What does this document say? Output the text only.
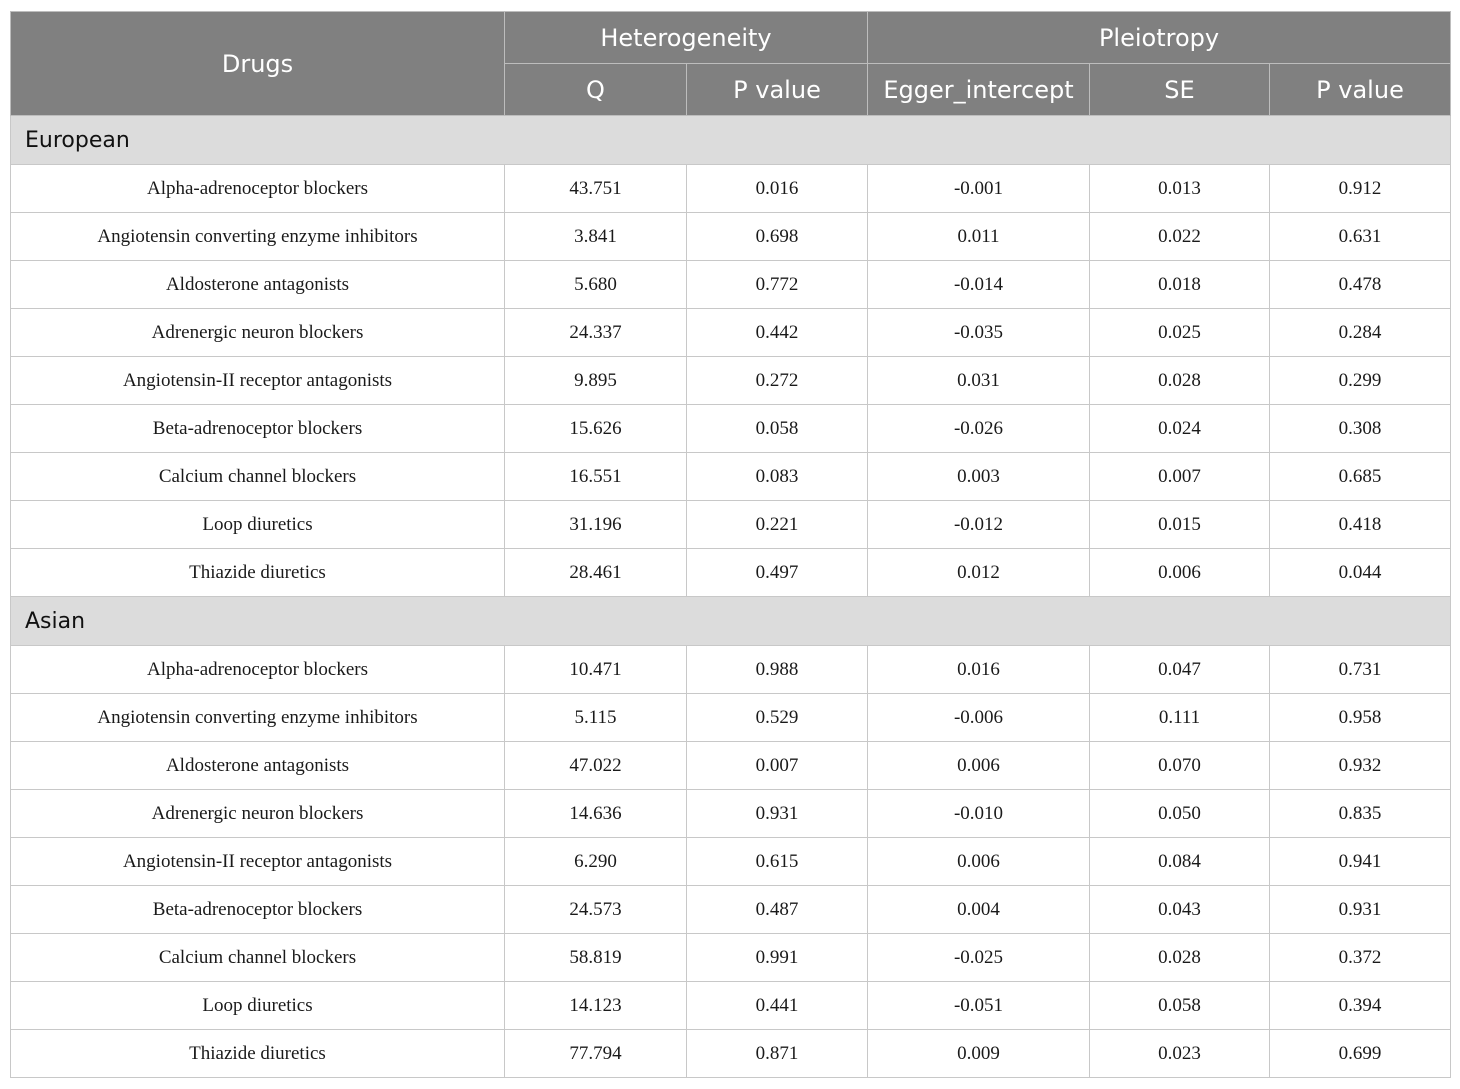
Drugs	Heterogeneity		Pleiotropy		
	Q	P value	Egger_intercept	SE	P value
European					
Alpha-adrenoceptor blockers	43.751	0.016	-0.001	0.013	0.912
Angiotensin converting enzyme inhibitors	3.841	0.698	0.011	0.022	0.631
Aldosterone antagonists	5.680	0.772	-0.014	0.018	0.478
Adrenergic neuron blockers	24.337	0.442	-0.035	0.025	0.284
Angiotensin-II receptor antagonists	9.895	0.272	0.031	0.028	0.299
Beta-adrenoceptor blockers	15.626	0.058	-0.026	0.024	0.308
Calcium channel blockers	16.551	0.083	0.003	0.007	0.685
Loop diuretics	31.196	0.221	-0.012	0.015	0.418
Thiazide diuretics	28.461	0.497	0.012	0.006	0.044
Asian					
Alpha-adrenoceptor blockers	10.471	0.988	0.016	0.047	0.731
Angiotensin converting enzyme inhibitors	5.115	0.529	-0.006	0.111	0.958
Aldosterone antagonists	47.022	0.007	0.006	0.070	0.932
Adrenergic neuron blockers	14.636	0.931	-0.010	0.050	0.835
Angiotensin-II receptor antagonists	6.290	0.615	0.006	0.084	0.941
Beta-adrenoceptor blockers	24.573	0.487	0.004	0.043	0.931
Calcium channel blockers	58.819	0.991	-0.025	0.028	0.372
Loop diuretics	14.123	0.441	-0.051	0.058	0.394
Thiazide diuretics	77.794	0.871	0.009	0.023	0.699
